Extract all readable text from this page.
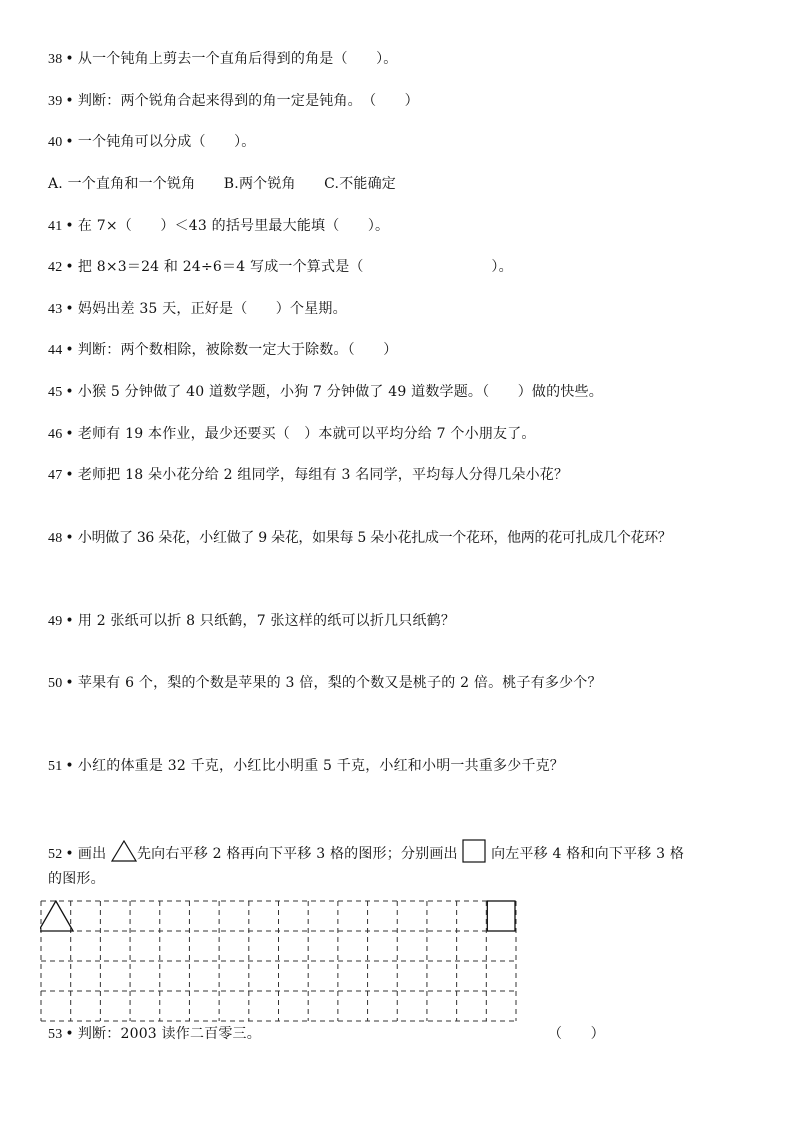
38 • 从一个钝角上剪去一个直角后得到的角是（　　）。
39 • 判断：两个锐角合起来得到的角一定是钝角。　（　　）
40 • 一个钝角可以分成（　　）。
A. 一个直角和一个锐角　　B.两个锐角　　C.不能确定
41 • 在 7×（　　）＜43 的括号里最大能填（　　）。
42 • 把 8×3＝24 和 24÷6＝4 写成一个算式是（　　　　　　　　　）。
43 • 妈妈出差 35 天，正好是（　　）个星期。
44 • 判断：两个数相除，被除数一定大于除数。（　　）
45 • 小猴 5 分钟做了 40 道数学题，小狗 7 分钟做了 49 道数学题。（　　）做的快些。
46 • 老师有 19 本作业，最少还要买（　）本就可以平均分给 7 个小朋友了。
47 • 老师把 18 朵小花分给 2 组同学，每组有 3 名同学，平均每人分得几朵小花？
48 • 小明做了 36 朵花，小红做了 9 朵花，如果每 5 朵小花扎成一个花环，他两的花可扎成几个花环？
49 • 用 2 张纸可以折 8 只纸鹤，7 张这样的纸可以折几只纸鹤？
50 • 苹果有 6 个，梨的个数是苹果的 3 倍，梨的个数又是桃子的 2 倍。桃子有多少个？
51 • 小红的体重是 32 千克，小红比小明重 5 千克，小红和小明一共重多少千克？
52 • 画出 先向右平移 2 格再向下平移 3 格的图形；分别画出 向左平移 4 格和向下平移 3 格
的图形。
53 • 判断：2003 读作二百零三。	（　　）
